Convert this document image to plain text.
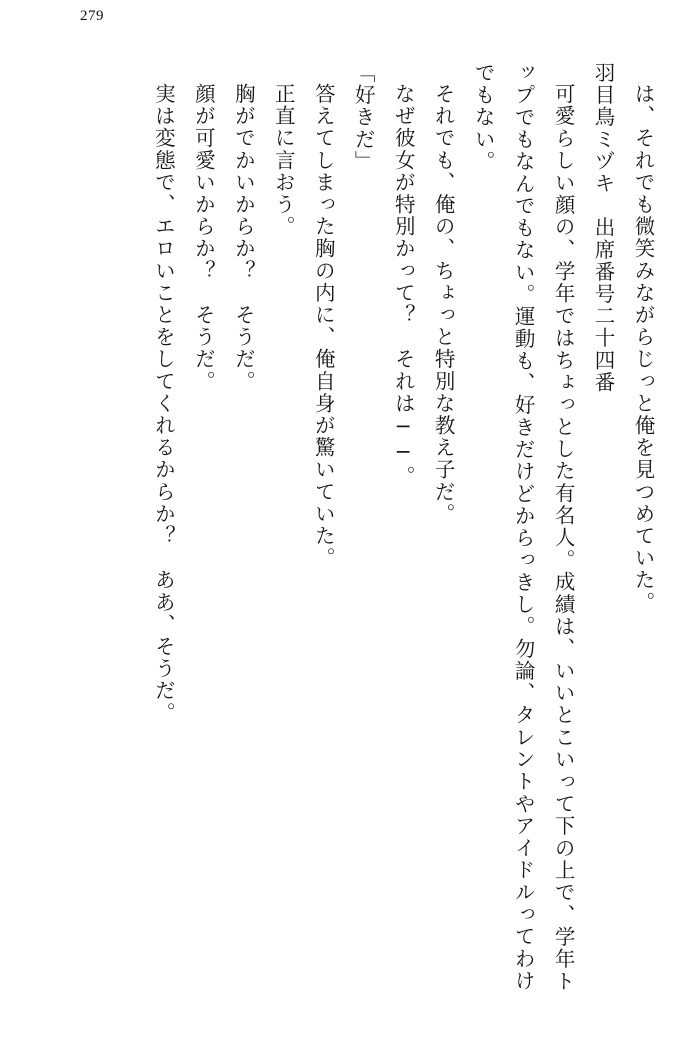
279

は、それでも微笑みながらじっと俺を見つめていた。

羽目鳥ミヅキ　出席番号二十四番

可愛らしい顔の、学年ではちょっとした有名人。成績は、いいとこいって下の上で、学年トップでもなんでもない。運動も、好きだけどからっきし。勿論、タレントやアイドルってわけでもない。

それでも、俺の、ちょっと特別な教え子だ。

なぜ彼女が特別かって？　それは──。

「好きだ」

答えてしまった胸の内に、俺自身が驚いていた。

正直に言おう。

胸がでかいからか？　そうだ。

顔が可愛いからか？　そうだ。

実は変態で、エロいことをしてくれるからか？　ああ、そうだ。
